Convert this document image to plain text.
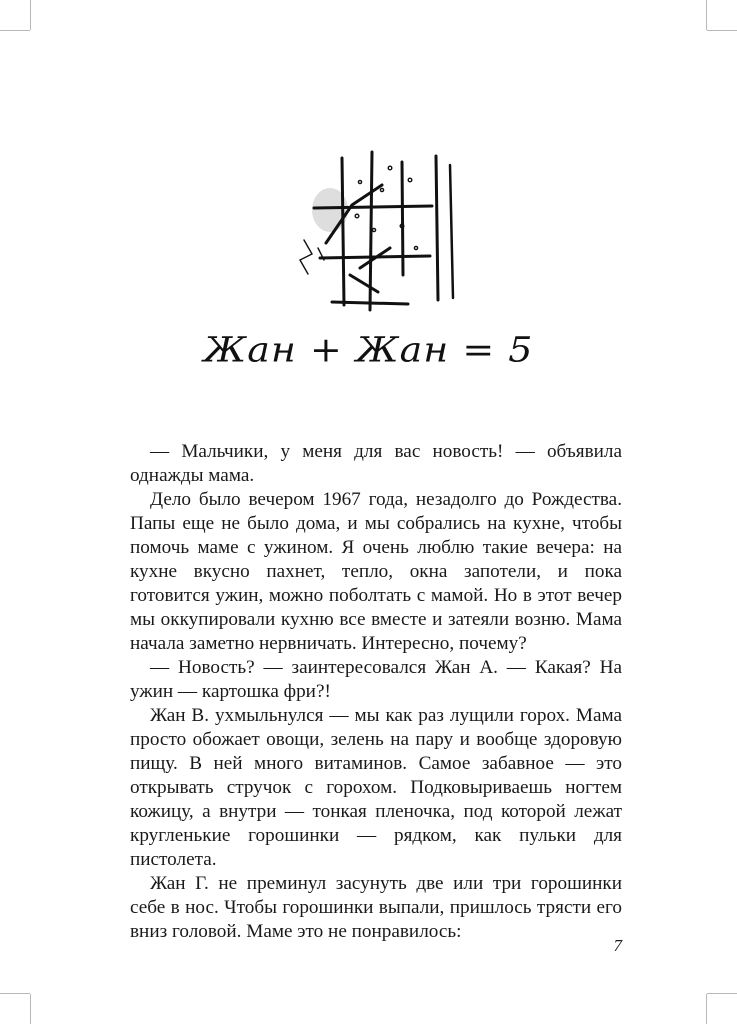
Жан + Жан = 5

— Мальчики, у меня для вас новость! — объявила однажды мама.

Дело было вечером 1967 года, незадолго до Рождества. Папы еще не было дома, и мы собрались на кухне, чтобы помочь маме с ужином. Я очень люблю такие вечера: на кухне вкусно пахнет, тепло, окна запотели, и пока готовится ужин, можно поболтать с мамой. Но в этот вечер мы оккупировали кухню все вместе и затеяли возню. Мама начала заметно нервничать. Интересно, почему?

— Новость? — заинтересовался Жан А. — Какая? На ужин — картошка фри?!

Жан В. ухмыльнулся — мы как раз лущили горох. Мама просто обожает овощи, зелень на пару и вообще здоровую пищу. В ней много витаминов. Самое забавное — это открывать стручок с горохом. Подковыриваешь ногтем кожицу, а внутри — тонкая пленочка, под которой лежат кругленькие горошинки — рядком, как пульки для пистолета.

Жан Г. не преминул засунуть две или три горошинки себе в нос. Чтобы горошинки выпали, пришлось трясти его вниз головой. Маме это не понравилось:

7
